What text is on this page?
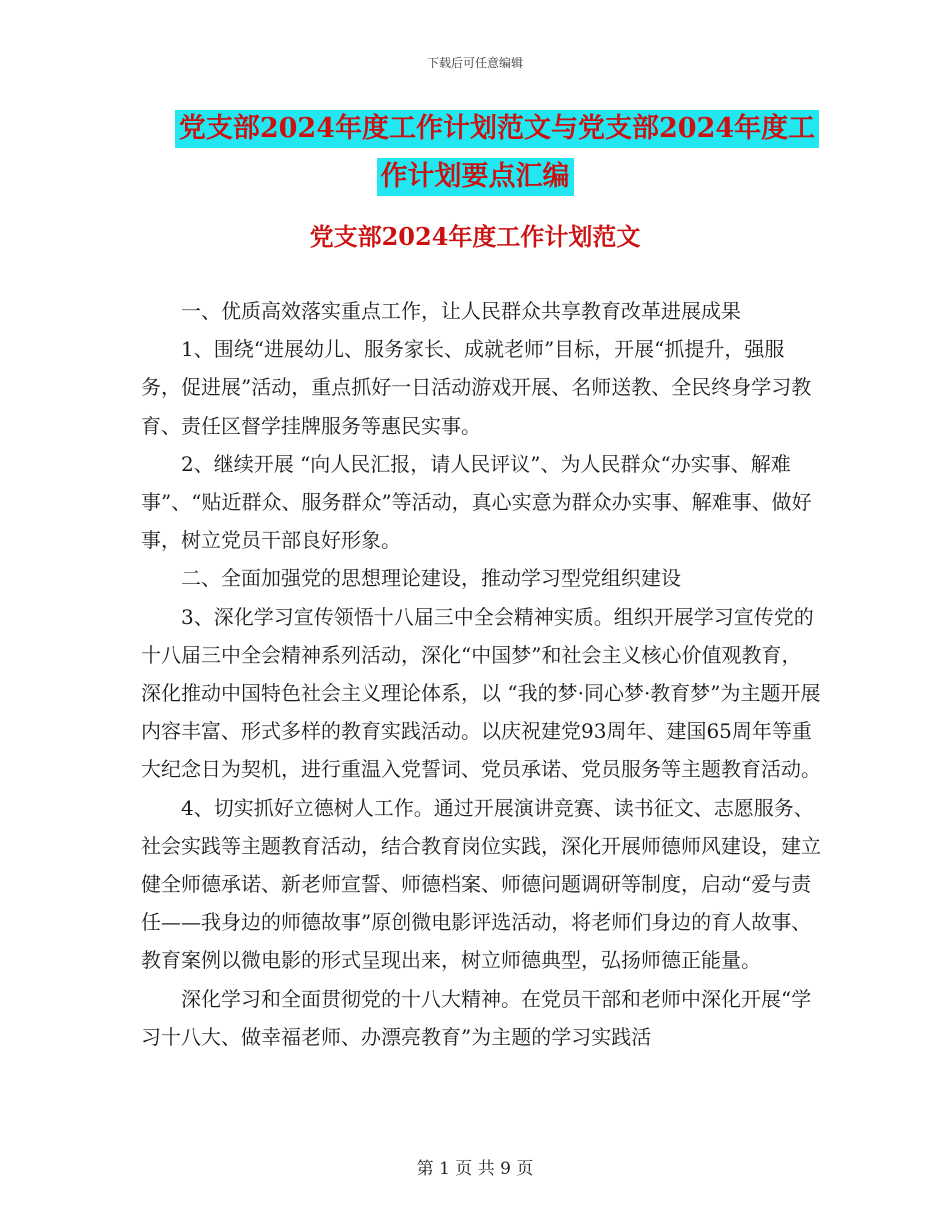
下载后可任意编辑
党支部2024年度工作计划范文与党支部2024年度工
作计划要点汇编
党支部2024年度工作计划范文

一、优质高效落实重点工作，让人民群众共享教育改革进展成果

1、围绕“进展幼儿、服务家长、成就老师”目标，开展“抓提升，强服务，促进展”活动，重点抓好一日活动游戏开展、名师送教、全民终身学习教育、责任区督学挂牌服务等惠民实事。

2、继续开展 “向人民汇报，请人民评议”、为人民群众“办实事、解难事”、“贴近群众、服务群众”等活动，真心实意为群众办实事、解难事、做好事，树立党员干部良好形象。

二、全面加强党的思想理论建设，推动学习型党组织建设

3、深化学习宣传领悟十八届三中全会精神实质。组织开展学习宣传党的十八届三中全会精神系列活动，深化“中国梦”和社会主义核心价值观教育，深化推动中国特色社会主义理论体系，以 “我的梦·同心梦·教育梦”为主题开展内容丰富、形式多样的教育实践活动。以庆祝建党93周年、建国65周年等重大纪念日为契机，进行重温入党誓词、党员承诺、党员服务等主题教育活动。

4、切实抓好立德树人工作。通过开展演讲竞赛、读书征文、志愿服务、社会实践等主题教育活动，结合教育岗位实践，深化开展师德师风建设，建立健全师德承诺、新老师宣誓、师德档案、师德问题调研等制度，启动“爱与责任——我身边的师德故事”原创微电影评选活动，将老师们身边的育人故事、教育案例以微电影的形式呈现出来，树立师德典型，弘扬师德正能量。

深化学习和全面贯彻党的十八大精神。在党员干部和老师中深化开展“学习十八大、做幸福老师、办漂亮教育”为主题的学习实践活

第 1 页 共 9 页
